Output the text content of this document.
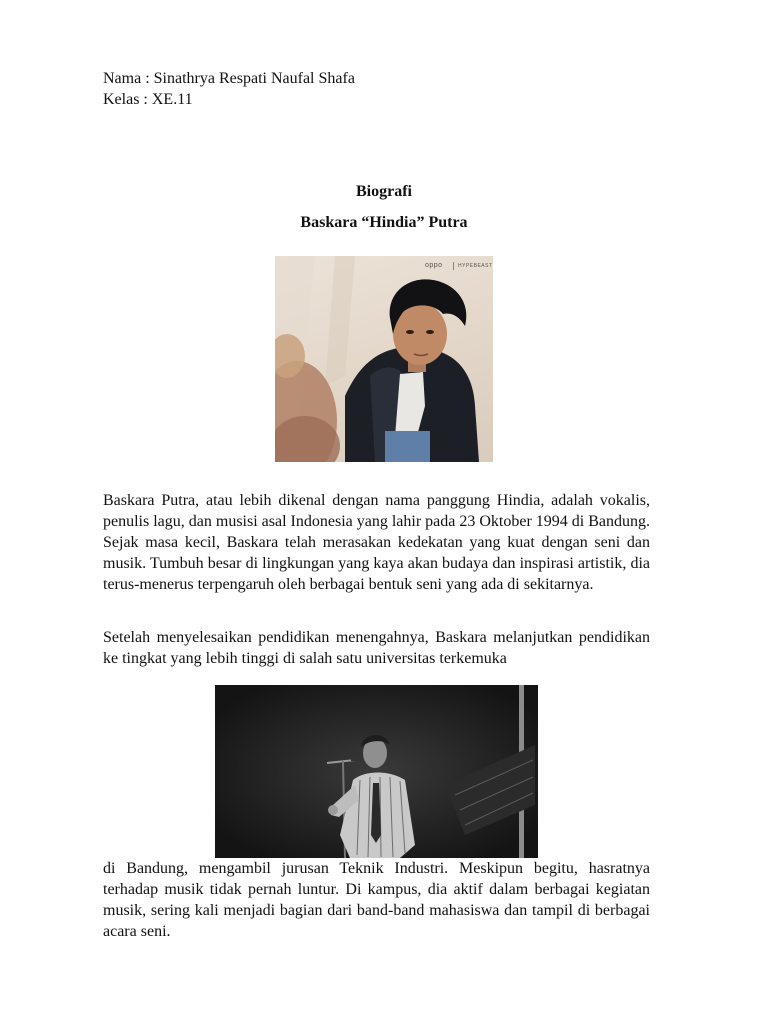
Nama : Sinathrya Respati Naufal Shafa
Kelas : XE.11
Biografi
Baskara “Hindia” Putra
oppo	HYPEBEAST

Baskara Putra, atau lebih dikenal dengan nama panggung Hindia, adalah vokalis, penulis lagu, dan musisi asal Indonesia yang lahir pada 23 Oktober 1994 di Bandung. Sejak masa kecil, Baskara telah merasakan kedekatan yang kuat dengan seni dan musik. Tumbuh besar di lingkungan yang kaya akan budaya dan inspirasi artistik, dia terus-menerus terpengaruh oleh berbagai bentuk seni yang ada di sekitarnya.

Setelah menyelesaikan pendidikan menengahnya, Baskara melanjutkan pendidikan ke tingkat yang lebih tinggi di salah satu universitas terkemuka

di Bandung, mengambil jurusan Teknik Industri. Meskipun begitu, hasratnya terhadap musik tidak pernah luntur. Di kampus, dia aktif dalam berbagai kegiatan musik, sering kali menjadi bagian dari band-band mahasiswa dan tampil di berbagai acara seni.
